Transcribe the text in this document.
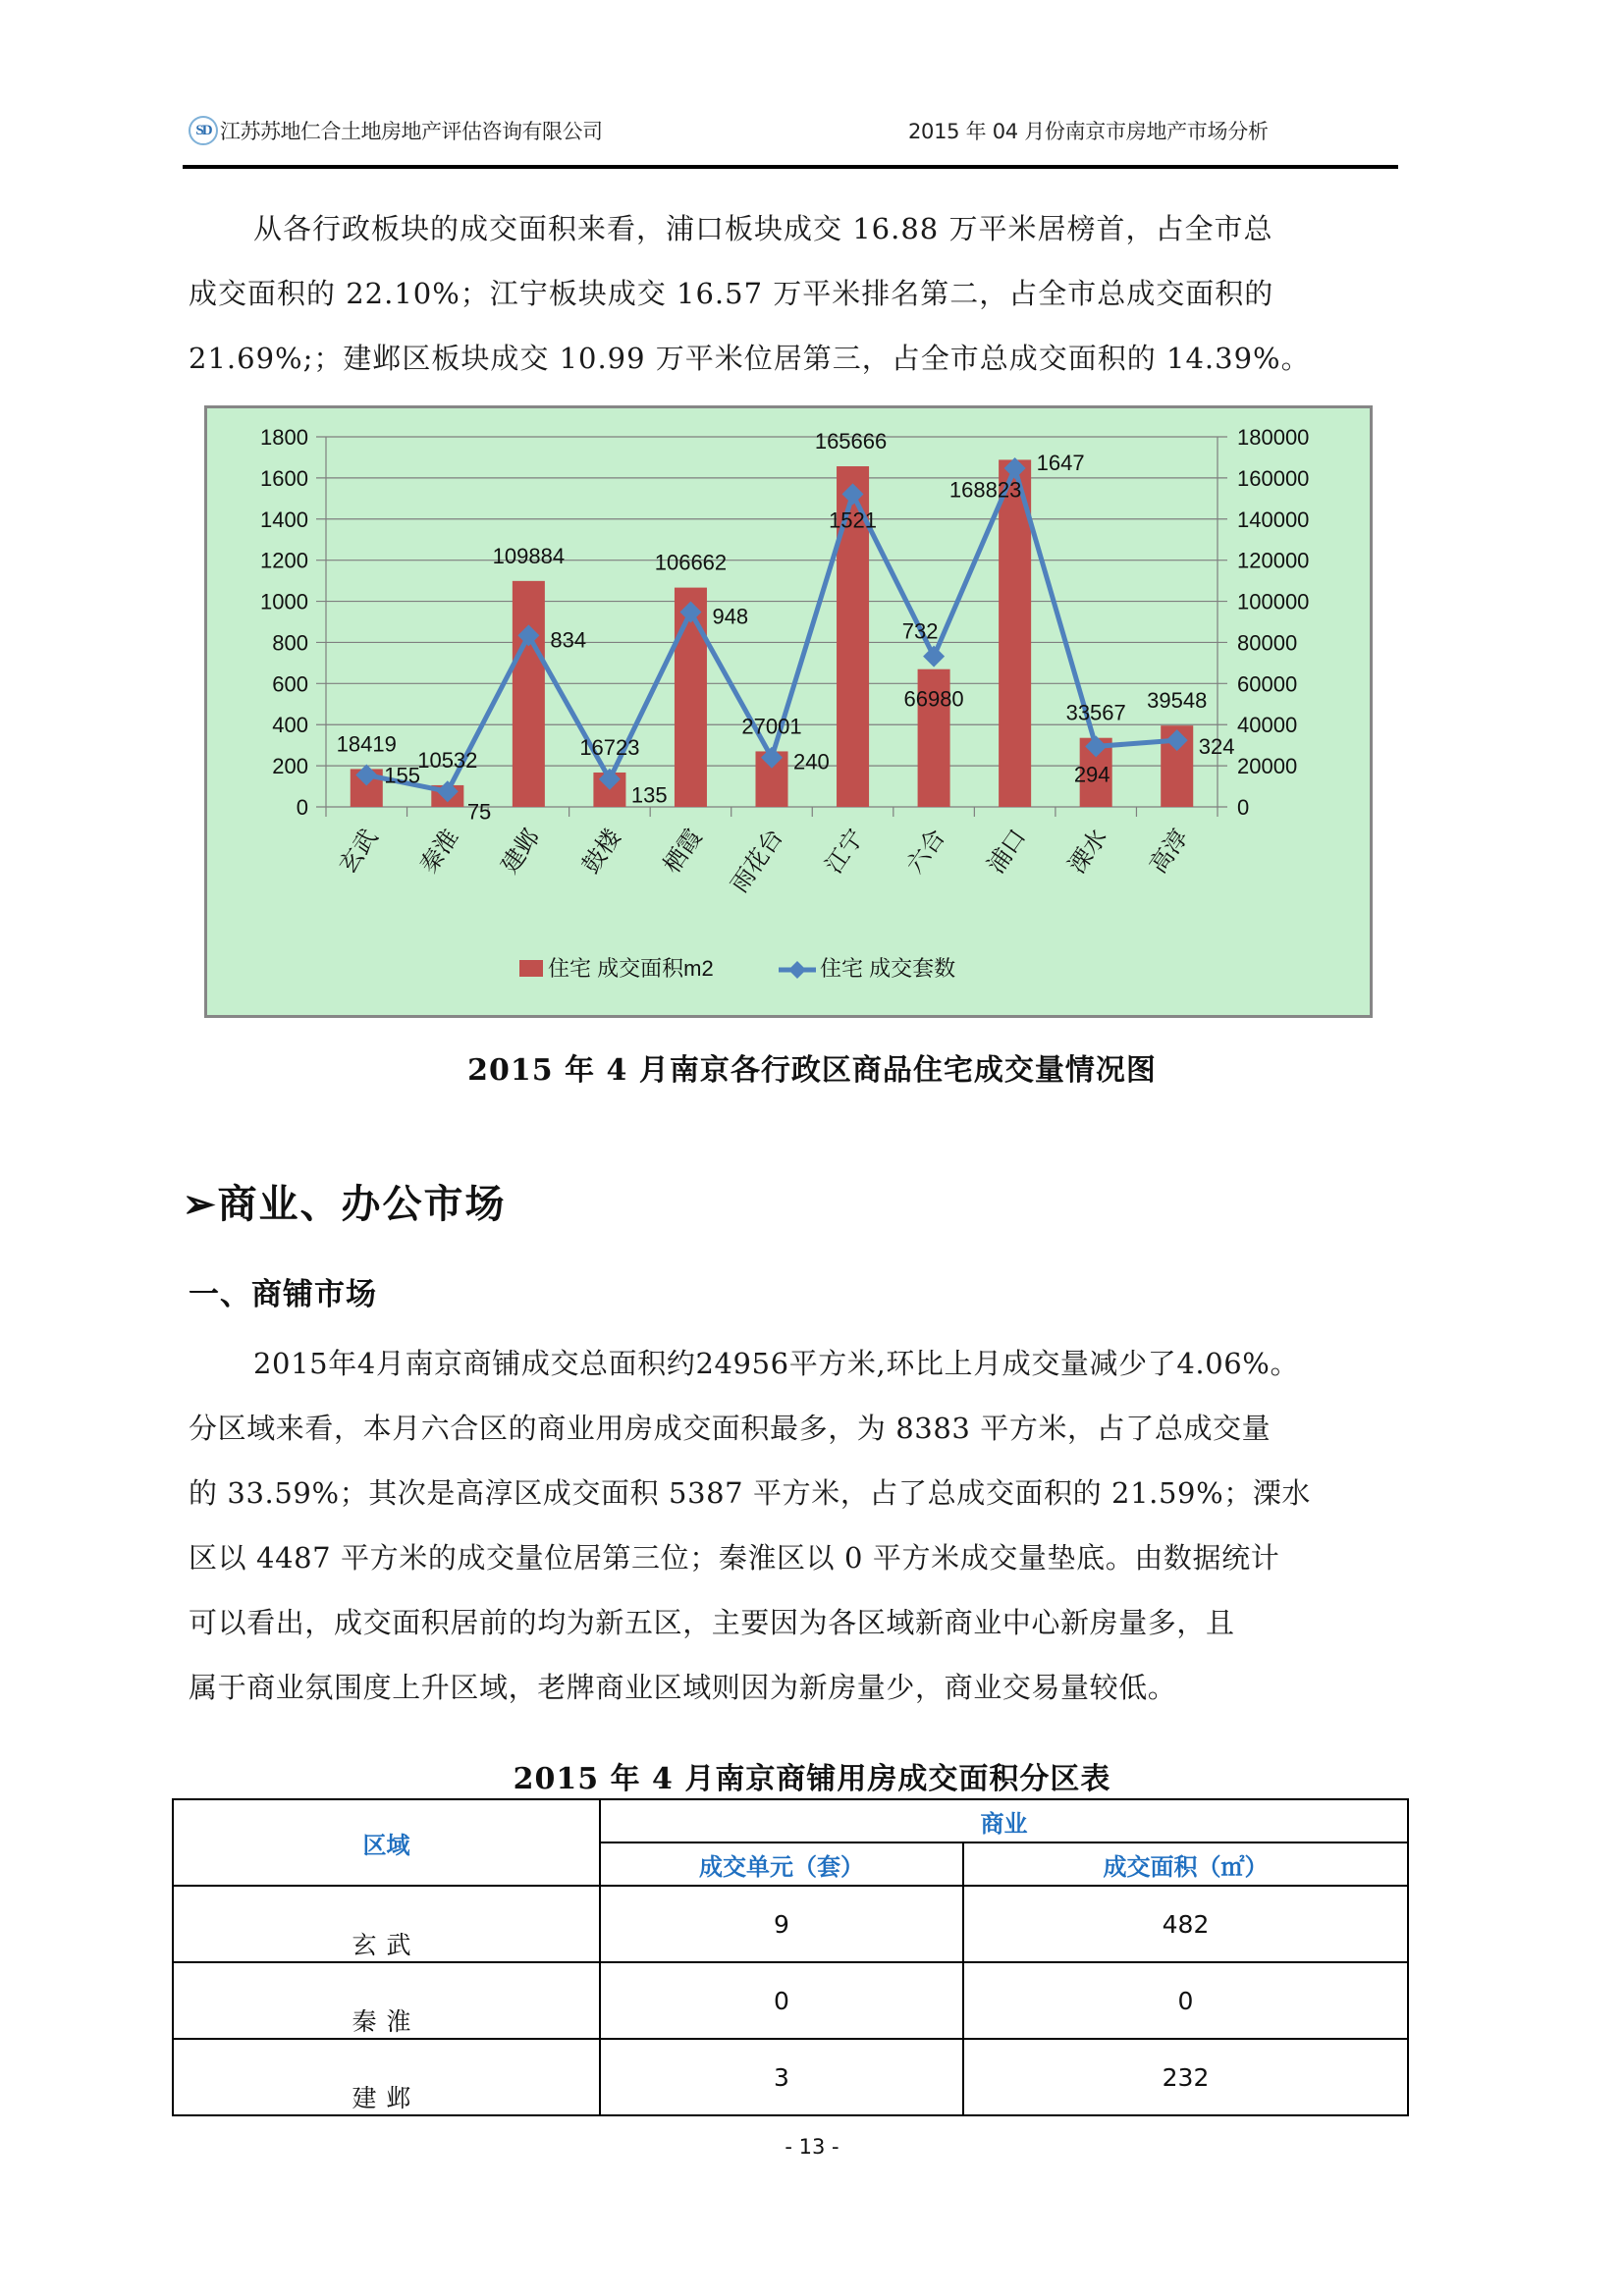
SD 江苏苏地仁合土地房地产评估咨询有限公司	2015 年 04 月份南京市房地产市场分析

从各行政板块的成交面积来看，浦口板块成交 16.88 万平米居榜首，占全市总

成交面积的 22.10%；江宁板块成交 16.57 万平米排名第二，占全市总成交面积的

21.69%;；建邺区板块成交 10.99 万平米位居第三，占全市总成交面积的 14.39%。

0
200
400
600
800
1000
1200
1400
1600
1800
0
20000
40000
60000
80000
100000
120000
140000
160000
180000
18419
10532
109884
16723
106662
27001
165666
66980
168823
33567
39548
155
75
834
135
948
240
1521
732
1647
294
324
玄武 秦淮 建邺 鼓楼 栖霞 雨花台 江宁 六合 浦口 溧水 高淳
住宅 成交面积m2	住宅 成交套数
2015 年 4 月南京各行政区商品住宅成交量情况图
➢商业、办公市场
一、商铺市场

2015年4月南京商铺成交总面积约24956平方米,环比上月成交量减少了4.06%。

分区域来看，本月六合区的商业用房成交面积最多，为 8383 平方米，占了总成交量

的 33.59%；其次是高淳区成交面积 5387 平方米，占了总成交面积的 21.59%；溧水

区以 4487 平方米的成交量位居第三位；秦淮区以 0 平方米成交量垫底。由数据统计

可以看出，成交面积居前的均为新五区，主要因为各区域新商业中心新房量多，且

属于商业氛围度上升区域，老牌商业区域则因为新房量少，商业交易量较低。

2015 年 4 月南京商铺用房成交面积分区表
区域	商业	
	成交单元（套）	成交面积（㎡）
玄武	9	482
秦淮	0	0
建邺	3	232
- 13 -
